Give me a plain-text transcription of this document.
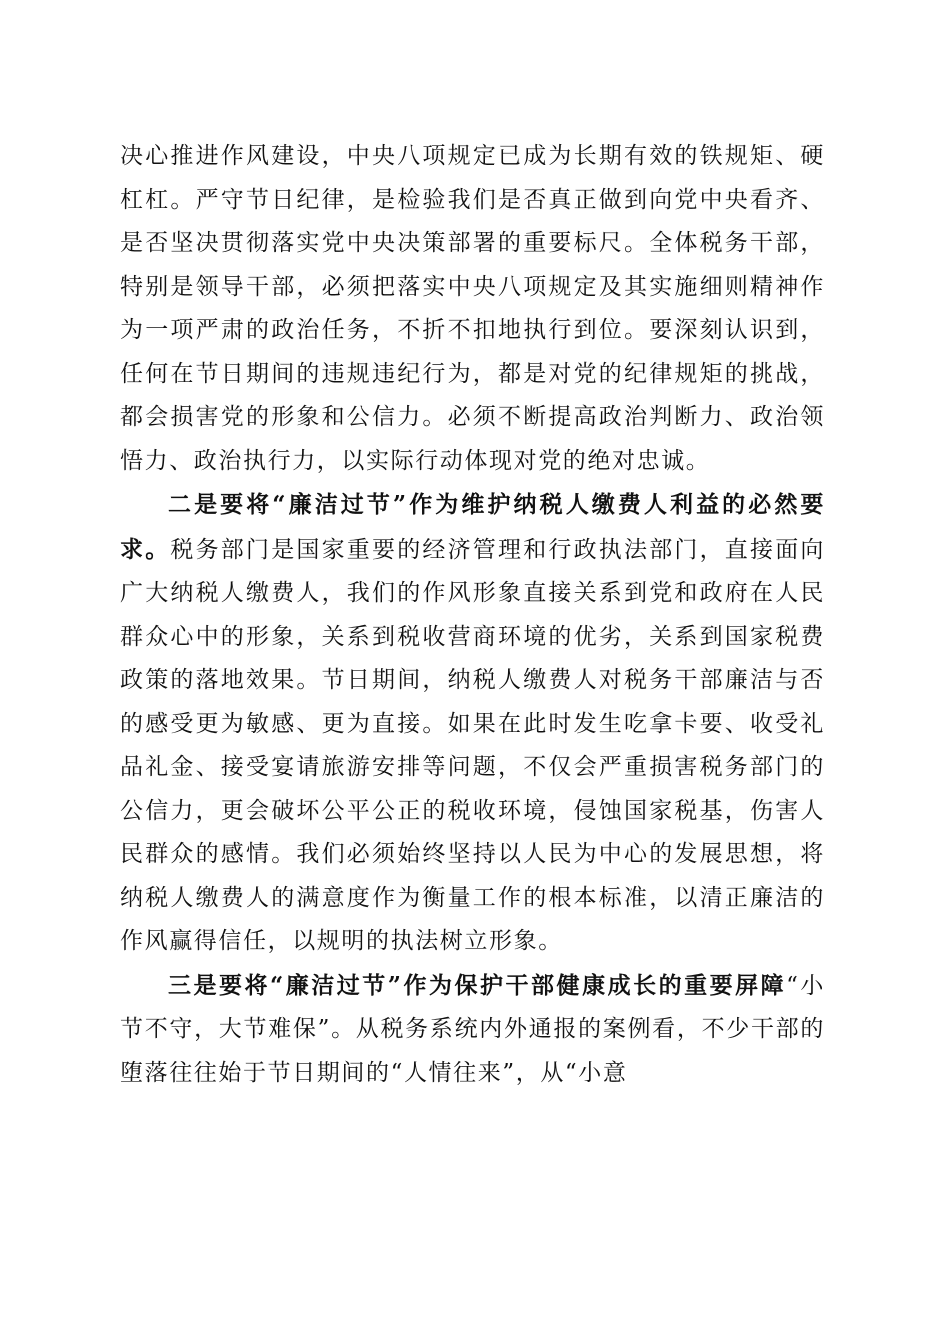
决心推进作风建设，中央八项规定已成为长期有效的铁规矩、硬杠杠。严守节日纪律，是检验我们是否真正做到向党中央看齐、是否坚决贯彻落实党中央决策部署的重要标尺。全体税务干部，特别是领导干部，必须把落实中央八项规定及其实施细则精神作为一项严肃的政治任务，不折不扣地执行到位。要深刻认识到，任何在节日期间的违规违纪行为，都是对党的纪律规矩的挑战，都会损害党的形象和公信力。必须不断提高政治判断力、政治领悟力、政治执行力，以实际行动体现对党的绝对忠诚。

二是要将“廉洁过节”作为维护纳税人缴费人利益的必然要求。税务部门是国家重要的经济管理和行政执法部门，直接面向广大纳税人缴费人，我们的作风形象直接关系到党和政府在人民群众心中的形象，关系到税收营商环境的优劣，关系到国家税费政策的落地效果。节日期间，纳税人缴费人对税务干部廉洁与否的感受更为敏感、更为直接。如果在此时发生吃拿卡要、收受礼品礼金、接受宴请旅游安排等问题，不仅会严重损害税务部门的公信力，更会破坏公平公正的税收环境，侵蚀国家税基，伤害人民群众的感情。我们必须始终坚持以人民为中心的发展思想，将纳税人缴费人的满意度作为衡量工作的根本标准，以清正廉洁的作风赢得信任，以规明的执法树立形象。

三是要将“廉洁过节”作为保护干部健康成长的重要屏障“小节不守，大节难保”。从税务系统内外通报的案例看，不少干部的堕落往往始于节日期间的“人情往来”，从“小意
